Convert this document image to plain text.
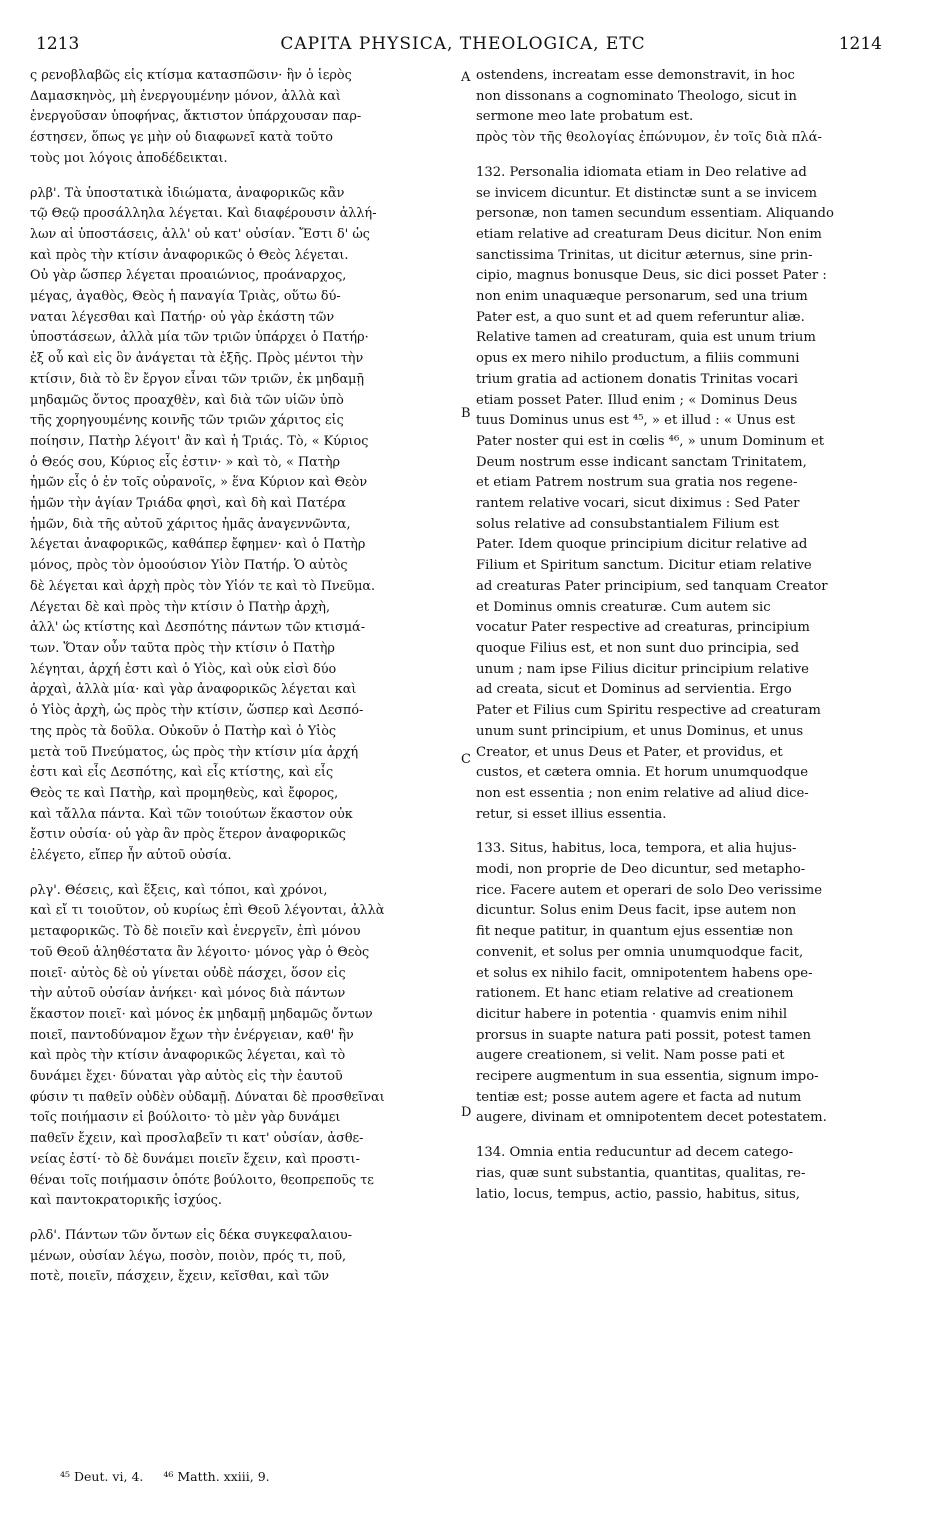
CAPITA PHYSICA, THEOLOGICA, ETC
1213	1214
ς ρενοβλαβῶς εἰς κτίσμα κατασπῶσιν· ἣν ὁ ἱερὸς
Δαμασκηνὸς, μὴ ἐνεργουμένην μόνον, ἀλλὰ καὶ
ἐνεργοῦσαν ὑποφήνας, ἄκτιστον ὑπάρχουσαν παρ-
έστησεν, ὅπως γε μὴν οὐ διαφωνεῖ κατὰ τοῦτο
τοὺς μοι λόγοις ἀποδέδεικται.
ρλβ'. Τὰ ὑποστατικὰ ἰδιώματα, ἀναφορικῶς κἂν
τῷ Θεῷ προσάλληλα λέγεται. Καὶ διαφέρουσιν ἀλλή-
λων αἱ ὑποστάσεις, ἀλλ' οὐ κατ' οὐσίαν. Ἔστι δ' ὡς
καὶ πρὸς τὴν κτίσιν ἀναφορικῶς ὁ Θεὸς λέγεται.
Οὐ γὰρ ὥσπερ λέγεται προαιώνιος, προάναρχος,
μέγας, ἀγαθὸς, Θεὸς ἡ παναγία Τριὰς, οὕτω δύ-
ναται λέγεσθαι καὶ Πατήρ· οὐ γὰρ ἑκάστη τῶν
ὑποστάσεων, ἀλλὰ μία τῶν τριῶν ὑπάρχει ὁ Πατήρ·
ἐξ οὗ καὶ εἰς ὃν ἀνάγεται τὰ ἑξῆς. Πρὸς μέντοι τὴν
κτίσιν, διὰ τὸ ἓν ἔργον εἶναι τῶν τριῶν, ἐκ μηδαμῇ
μηδαμῶς ὄντος προαχθὲν, καὶ διὰ τῶν υἱῶν ὑπὸ
τῆς χορηγουμένης κοινῆς τῶν τριῶν χάριτος εἰς
ποίησιν, Πατὴρ λέγοιτ' ἂν καὶ ἡ Τριάς. Τὸ, « Κύριος
ὁ Θεός σου, Κύριος εἷς ἐστιν· » καὶ τὸ, « Πατὴρ
ἡμῶν εἷς ὁ ἐν τοῖς οὐρανοῖς, » ἕνα Κύριον καὶ Θεὸν
ἡμῶν τὴν ἁγίαν Τριάδα φησὶ, καὶ δὴ καὶ Πατέρα
ἡμῶν, διὰ τῆς αὐτοῦ χάριτος ἡμᾶς ἀναγεννῶντα,
λέγεται ἀναφορικῶς, καθάπερ ἔφημεν· καὶ ὁ Πατὴρ
μόνος, πρὸς τὸν ὁμοούσιον Υἱὸν Πατήρ. Ὁ αὐτὸς
δὲ λέγεται καὶ ἀρχὴ πρὸς τὸν Υἱόν τε καὶ τὸ Πνεῦμα.
Λέγεται δὲ καὶ πρὸς τὴν κτίσιν ὁ Πατὴρ ἀρχὴ,
ἀλλ' ὡς κτίστης καὶ Δεσπότης πάντων τῶν κτισμά-
των. Ὅταν οὖν ταῦτα πρὸς τὴν κτίσιν ὁ Πατὴρ
λέγηται, ἀρχή ἐστι καὶ ὁ Υἱὸς, καὶ οὐκ εἰσὶ δύο
ἀρχαὶ, ἀλλὰ μία· καὶ γὰρ ἀναφορικῶς λέγεται καὶ
ὁ Υἱὸς ἀρχὴ, ὡς πρὸς τὴν κτίσιν, ὥσπερ καὶ Δεσπό-
της πρὸς τὰ δοῦλα. Οὐκοῦν ὁ Πατὴρ καὶ ὁ Υἱὸς
μετὰ τοῦ Πνεύματος, ὡς πρὸς τὴν κτίσιν μία ἀρχή
ἐστι καὶ εἷς Δεσπότης, καὶ εἷς κτίστης, καὶ εἷς
Θεὸς τε καὶ Πατὴρ, καὶ προμηθεὺς, καὶ ἔφορος,
καὶ τἄλλα πάντα. Καὶ τῶν τοιούτων ἕκαστον οὐκ
ἔστιν οὐσία· οὐ γὰρ ἂν πρὸς ἕτερον ἀναφορικῶς
ἐλέγετο, εἴπερ ἦν αὐτοῦ οὐσία.
ρλγ'. Θέσεις, καὶ ἕξεις, καὶ τόποι, καὶ χρόνοι,
καὶ εἴ τι τοιοῦτον, οὐ κυρίως ἐπὶ Θεοῦ λέγονται, ἀλλὰ
μεταφορικῶς. Τὸ δὲ ποιεῖν καὶ ἐνεργεῖν, ἐπὶ μόνου
τοῦ Θεοῦ ἀληθέστατα ἂν λέγοιτο· μόνος γὰρ ὁ Θεὸς
ποιεῖ· αὐτὸς δὲ οὐ γίνεται οὐδὲ πάσχει, ὅσον εἰς
τὴν αὐτοῦ οὐσίαν ἀνήκει· καὶ μόνος διὰ πάντων
ἕκαστον ποιεῖ· καὶ μόνος ἐκ μηδαμῇ μηδαμῶς ὄντων
ποιεῖ, παντοδύναμον ἔχων τὴν ἐνέργειαν, καθ' ἣν
καὶ πρὸς τὴν κτίσιν ἀναφορικῶς λέγεται, καὶ τὸ
δυνάμει ἔχει· δύναται γὰρ αὐτὸς εἰς τὴν ἑαυτοῦ
φύσιν τι παθεῖν οὐδὲν οὐδαμῇ. Δύναται δὲ προσθεῖναι
τοῖς ποιήμασιν εἰ βούλοιτο· τὸ μὲν γὰρ δυνάμει
παθεῖν ἔχειν, καὶ προσλαβεῖν τι κατ' οὐσίαν, ἀσθε-
νείας ἐστί· τὸ δὲ δυνάμει ποιεῖν ἔχειν, καὶ προστι-
θέναι τοῖς ποιήμασιν ὁπότε βούλοιτο, θεοπρεποῦς τε
καὶ παντοκρατορικῆς ἰσχύος.
ρλδ'. Πάντων τῶν ὄντων εἰς δέκα συγκεφαλαιου-
μένων, οὐσίαν λέγω, ποσὸν, ποιὸν, πρός τι, ποῦ,
ποτὲ, ποιεῖν, πάσχειν, ἔχειν, κεῖσθαι, καὶ τῶν
ostendens, increatam esse demonstravit, in hoc
non dissonans a cognominato Theologo, sicut in
sermone meo late probatum est.
πρὸς τὸν τῆς θεολογίας ἐπώνυμον, ἐν τοῖς διὰ πλά-
132. Personalia idiomata etiam in Deo relative ad
se invicem dicuntur. Et distinctæ sunt a se invicem
personæ, non tamen secundum essentiam. Aliquando
etiam relative ad creaturam Deus dicitur. Non enim
sanctissima Trinitas, ut dicitur æternus, sine prin-
cipio, magnus bonusque Deus, sic dici posset Pater :
non enim unaquæque personarum, sed una trium
Pater est, a quo sunt et ad quem referuntur aliæ.
Relative tamen ad creaturam, quia est unum trium
opus ex mero nihilo productum, a filiis communi
trium gratia ad actionem donatis Trinitas vocari
etiam posset Pater. Illud enim ; « Dominus Deus
tuus Dominus unus est ⁴⁵, » et illud : « Unus est
Pater noster qui est in cœlis ⁴⁶, » unum Dominum et
Deum nostrum esse indicant sanctam Trinitatem,
et etiam Patrem nostrum sua gratia nos regene-
rantem relative vocari, sicut diximus : Sed Pater
solus relative ad consubstantialem Filium est
Pater. Idem quoque principium dicitur relative ad
Filium et Spiritum sanctum. Dicitur etiam relative
ad creaturas Pater principium, sed tanquam Creator
et Dominus omnis creaturæ. Cum autem sic
vocatur Pater respective ad creaturas, principium
quoque Filius est, et non sunt duo principia, sed
unum ; nam ipse Filius dicitur principium relative
ad creata, sicut et Dominus ad servientia. Ergo
Pater et Filius cum Spiritu respective ad creaturam
unum sunt principium, et unus Dominus, et unus
Creator, et unus Deus et Pater, et providus, et
custos, et cætera omnia. Et horum unumquodque
non est essentia ; non enim relative ad aliud dice-
retur, si esset illius essentia.
133. Situs, habitus, loca, tempora, et alia hujus-
modi, non proprie de Deo dicuntur, sed metapho-
rice. Facere autem et operari de solo Deo verissime
dicuntur. Solus enim Deus facit, ipse autem non
fit neque patitur, in quantum ejus essentiæ non
convenit, et solus per omnia unumquodque facit,
et solus ex nihilo facit, omnipotentem habens ope-
rationem. Et hanc etiam relative ad creationem
dicitur habere in potentia · quamvis enim nihil
prorsus in suapte natura pati possit, potest tamen
augere creationem, si velit. Nam posse pati et
recipere augmentum in sua essentia, signum impo-
tentiæ est; posse autem agere et facta ad nutum
augere, divinam et omnipotentem decet potestatem.
134. Omnia entia reducuntur ad decem catego-
rias, quæ sunt substantia, quantitas, qualitas, re-
latio, locus, tempus, actio, passio, habitus, situs,
A
B
C
D
⁴⁵ Deut. vi, 4. ⁴⁶ Matth. xxiii, 9.
